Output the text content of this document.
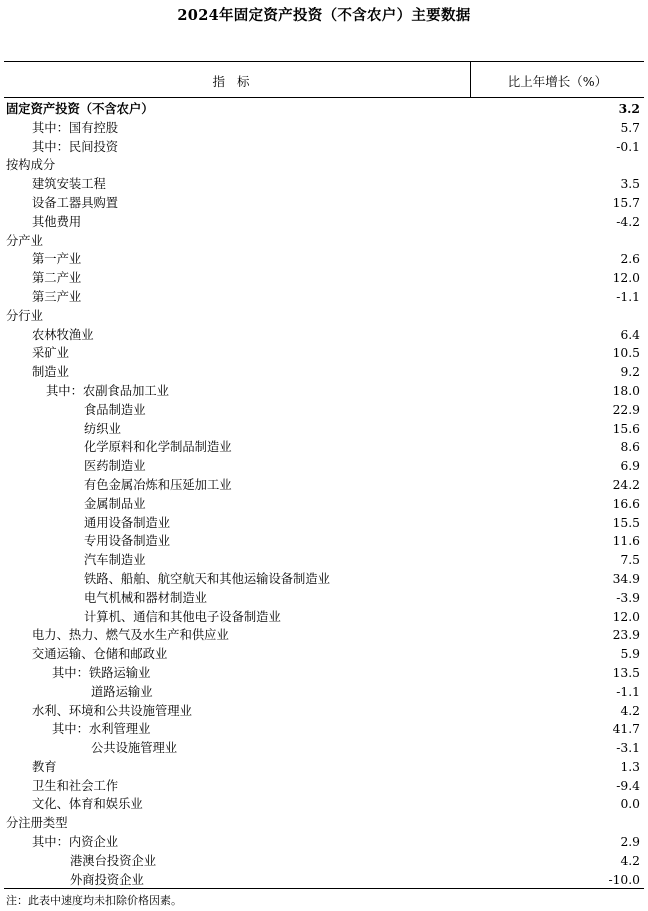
2024年固定资产投资（不含农户）主要数据
指标	比上年增长（%）
固定资产投资（不含农户）	3.2
其中：国有控股	5.7
其中：民间投资	-0.1
按构成分
建筑安装工程	3.5
设备工器具购置	15.7
其他费用	-4.2
分产业
第一产业	2.6
第二产业	12.0
第三产业	-1.1
分行业
农林牧渔业	6.4
采矿业	10.5
制造业	9.2
其中：农副食品加工业	18.0
食品制造业	22.9
纺织业	15.6
化学原料和化学制品制造业	8.6
医药制造业	6.9
有色金属冶炼和压延加工业	24.2
金属制品业	16.6
通用设备制造业	15.5
专用设备制造业	11.6
汽车制造业	7.5
铁路、船舶、航空航天和其他运输设备制造业	34.9
电气机械和器材制造业	-3.9
计算机、通信和其他电子设备制造业	12.0
电力、热力、燃气及水生产和供应业	23.9
交通运输、仓储和邮政业	5.9
其中：铁路运输业	13.5
道路运输业	-1.1
水利、环境和公共设施管理业	4.2
其中：水利管理业	41.7
公共设施管理业	-3.1
教育	1.3
卫生和社会工作	-9.4
文化、体育和娱乐业	0.0
分注册类型
其中：内资企业	2.9
港澳台投资企业	4.2
外商投资企业	-10.0
注：此表中速度均未扣除价格因素。
